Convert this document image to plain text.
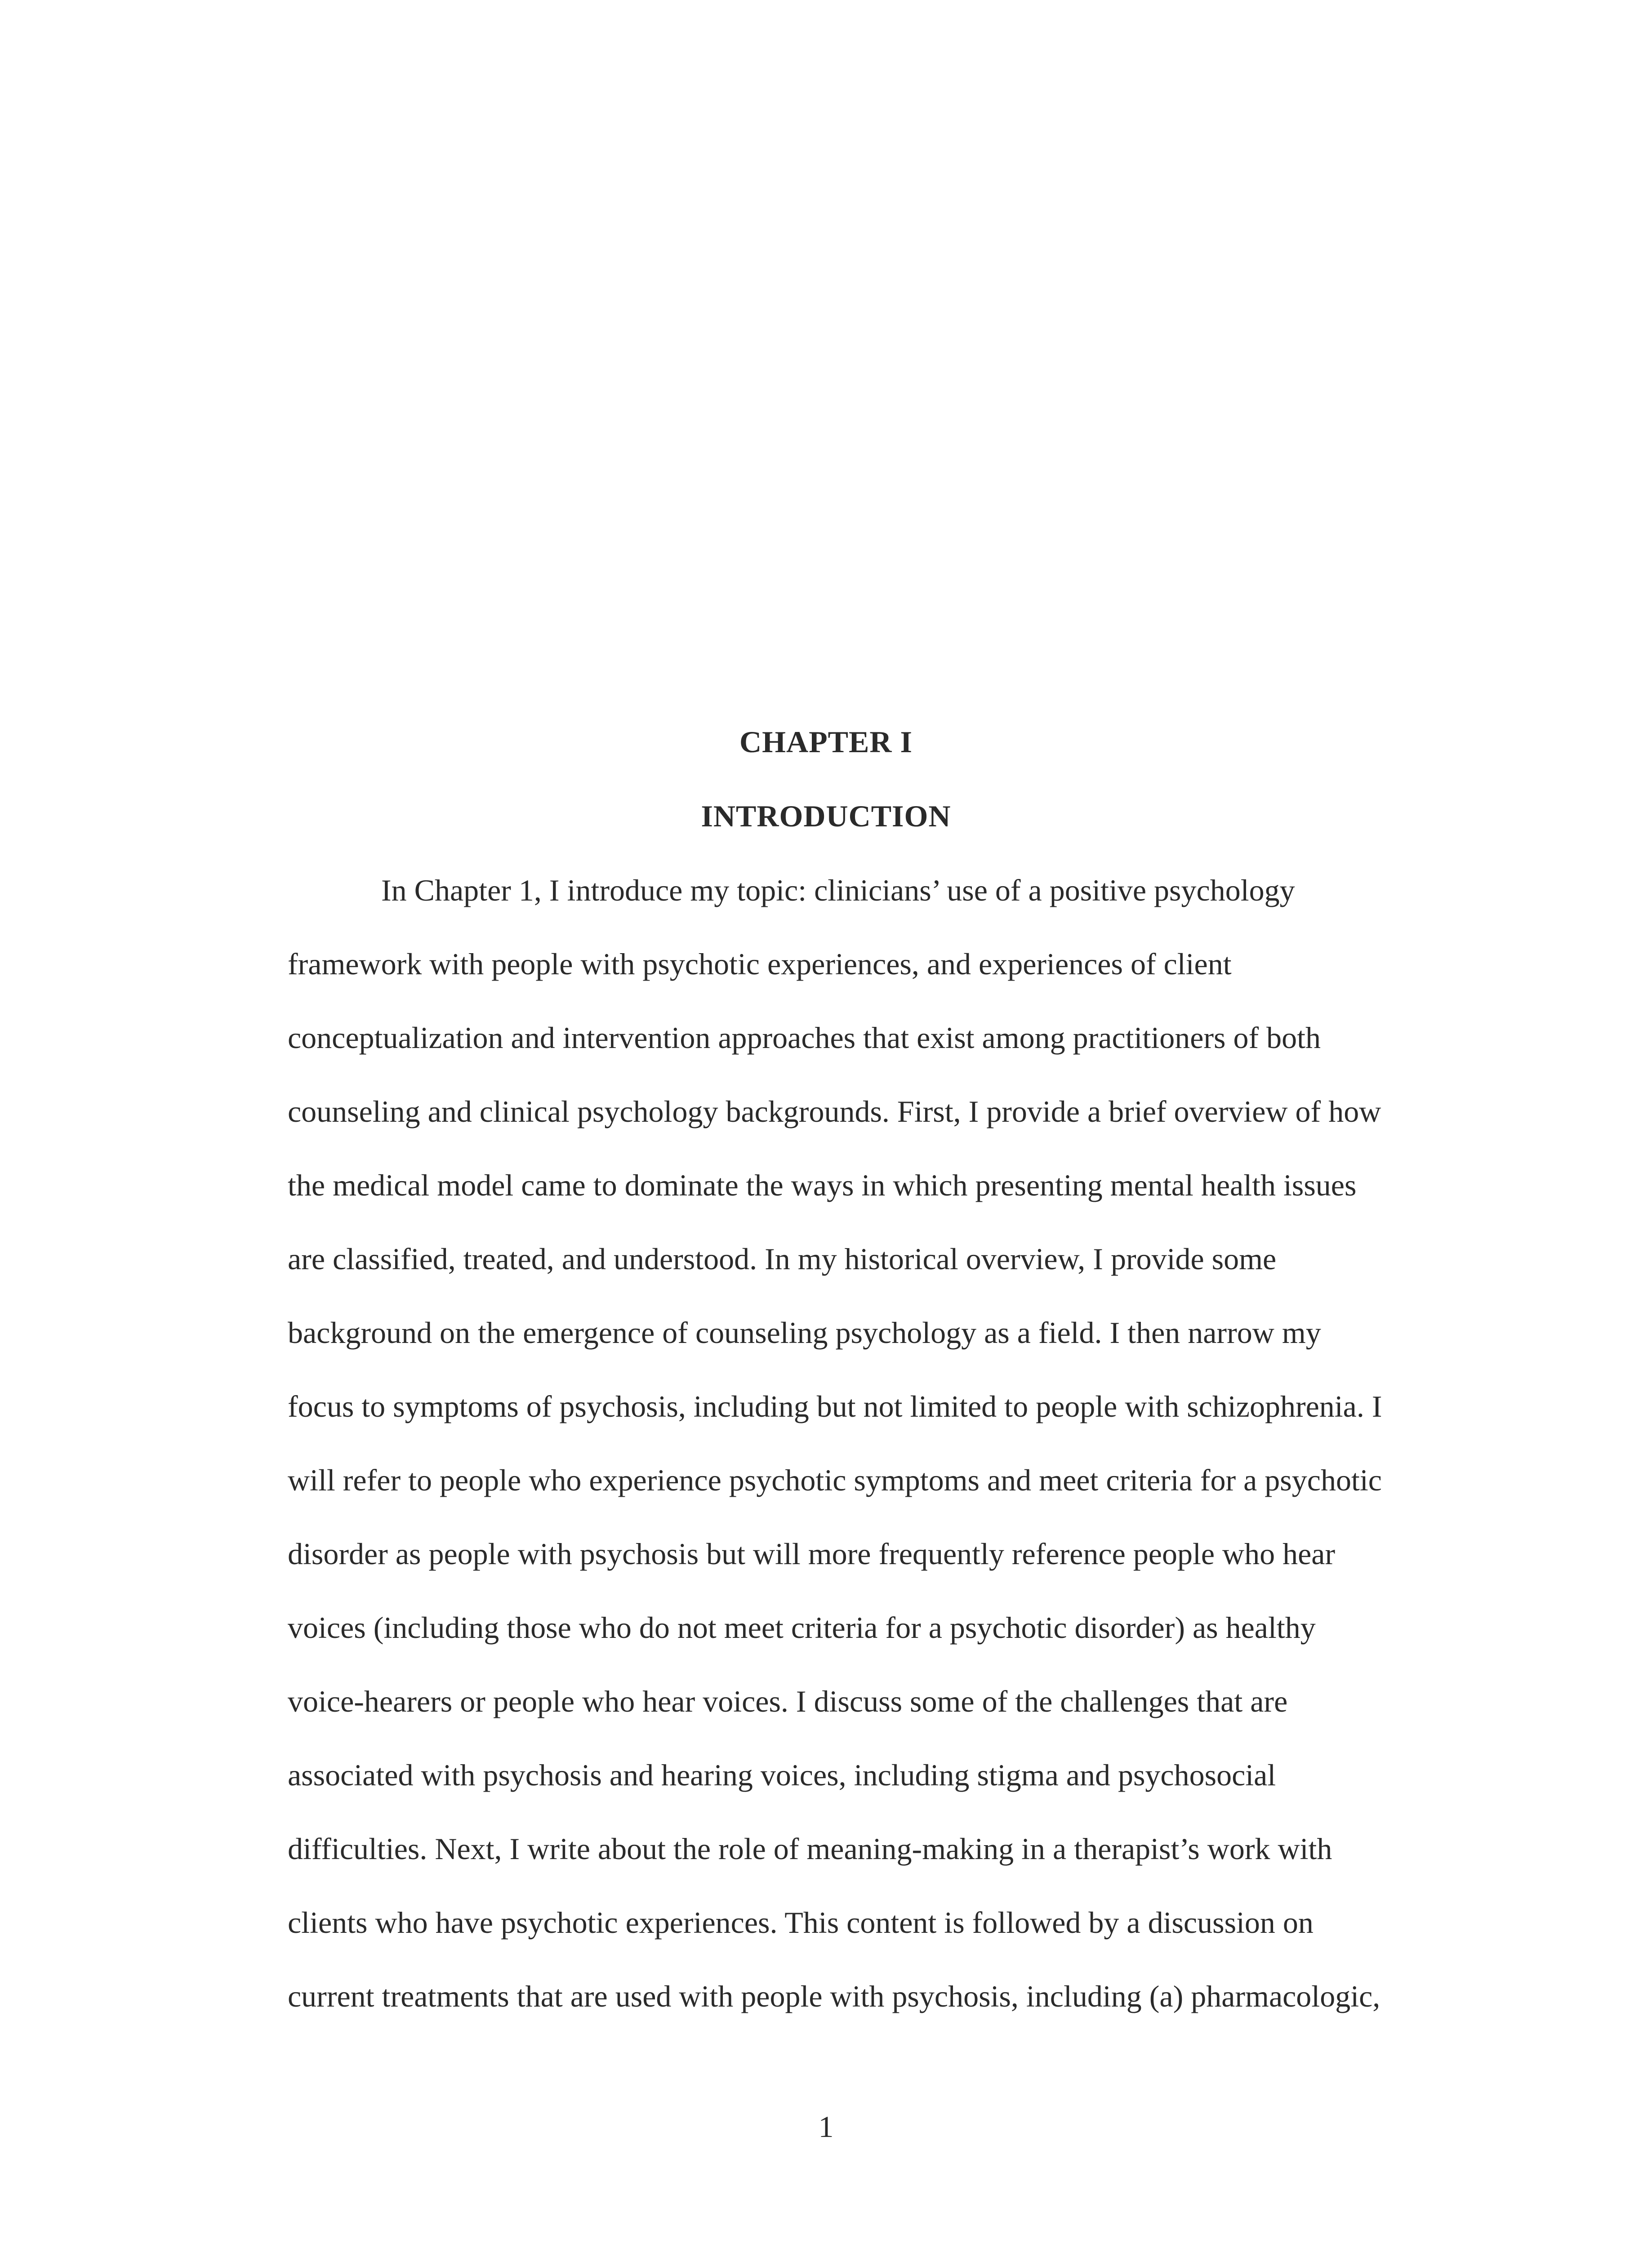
CHAPTER I
INTRODUCTION
In Chapter 1, I introduce my topic: clinicians’ use of a positive psychology
framework with people with psychotic experiences, and experiences of client
conceptualization and intervention approaches that exist among practitioners of both
counseling and clinical psychology backgrounds. First, I provide a brief overview of how
the medical model came to dominate the ways in which presenting mental health issues
are classified, treated, and understood. In my historical overview, I provide some
background on the emergence of counseling psychology as a field. I then narrow my
focus to symptoms of psychosis, including but not limited to people with schizophrenia. I
will refer to people who experience psychotic symptoms and meet criteria for a psychotic
disorder as people with psychosis but will more frequently reference people who hear
voices (including those who do not meet criteria for a psychotic disorder) as healthy
voice-hearers or people who hear voices. I discuss some of the challenges that are
associated with psychosis and hearing voices, including stigma and psychosocial
difficulties. Next, I write about the role of meaning-making in a therapist’s work with
clients who have psychotic experiences. This content is followed by a discussion on
current treatments that are used with people with psychosis, including (a) pharmacologic,
1
